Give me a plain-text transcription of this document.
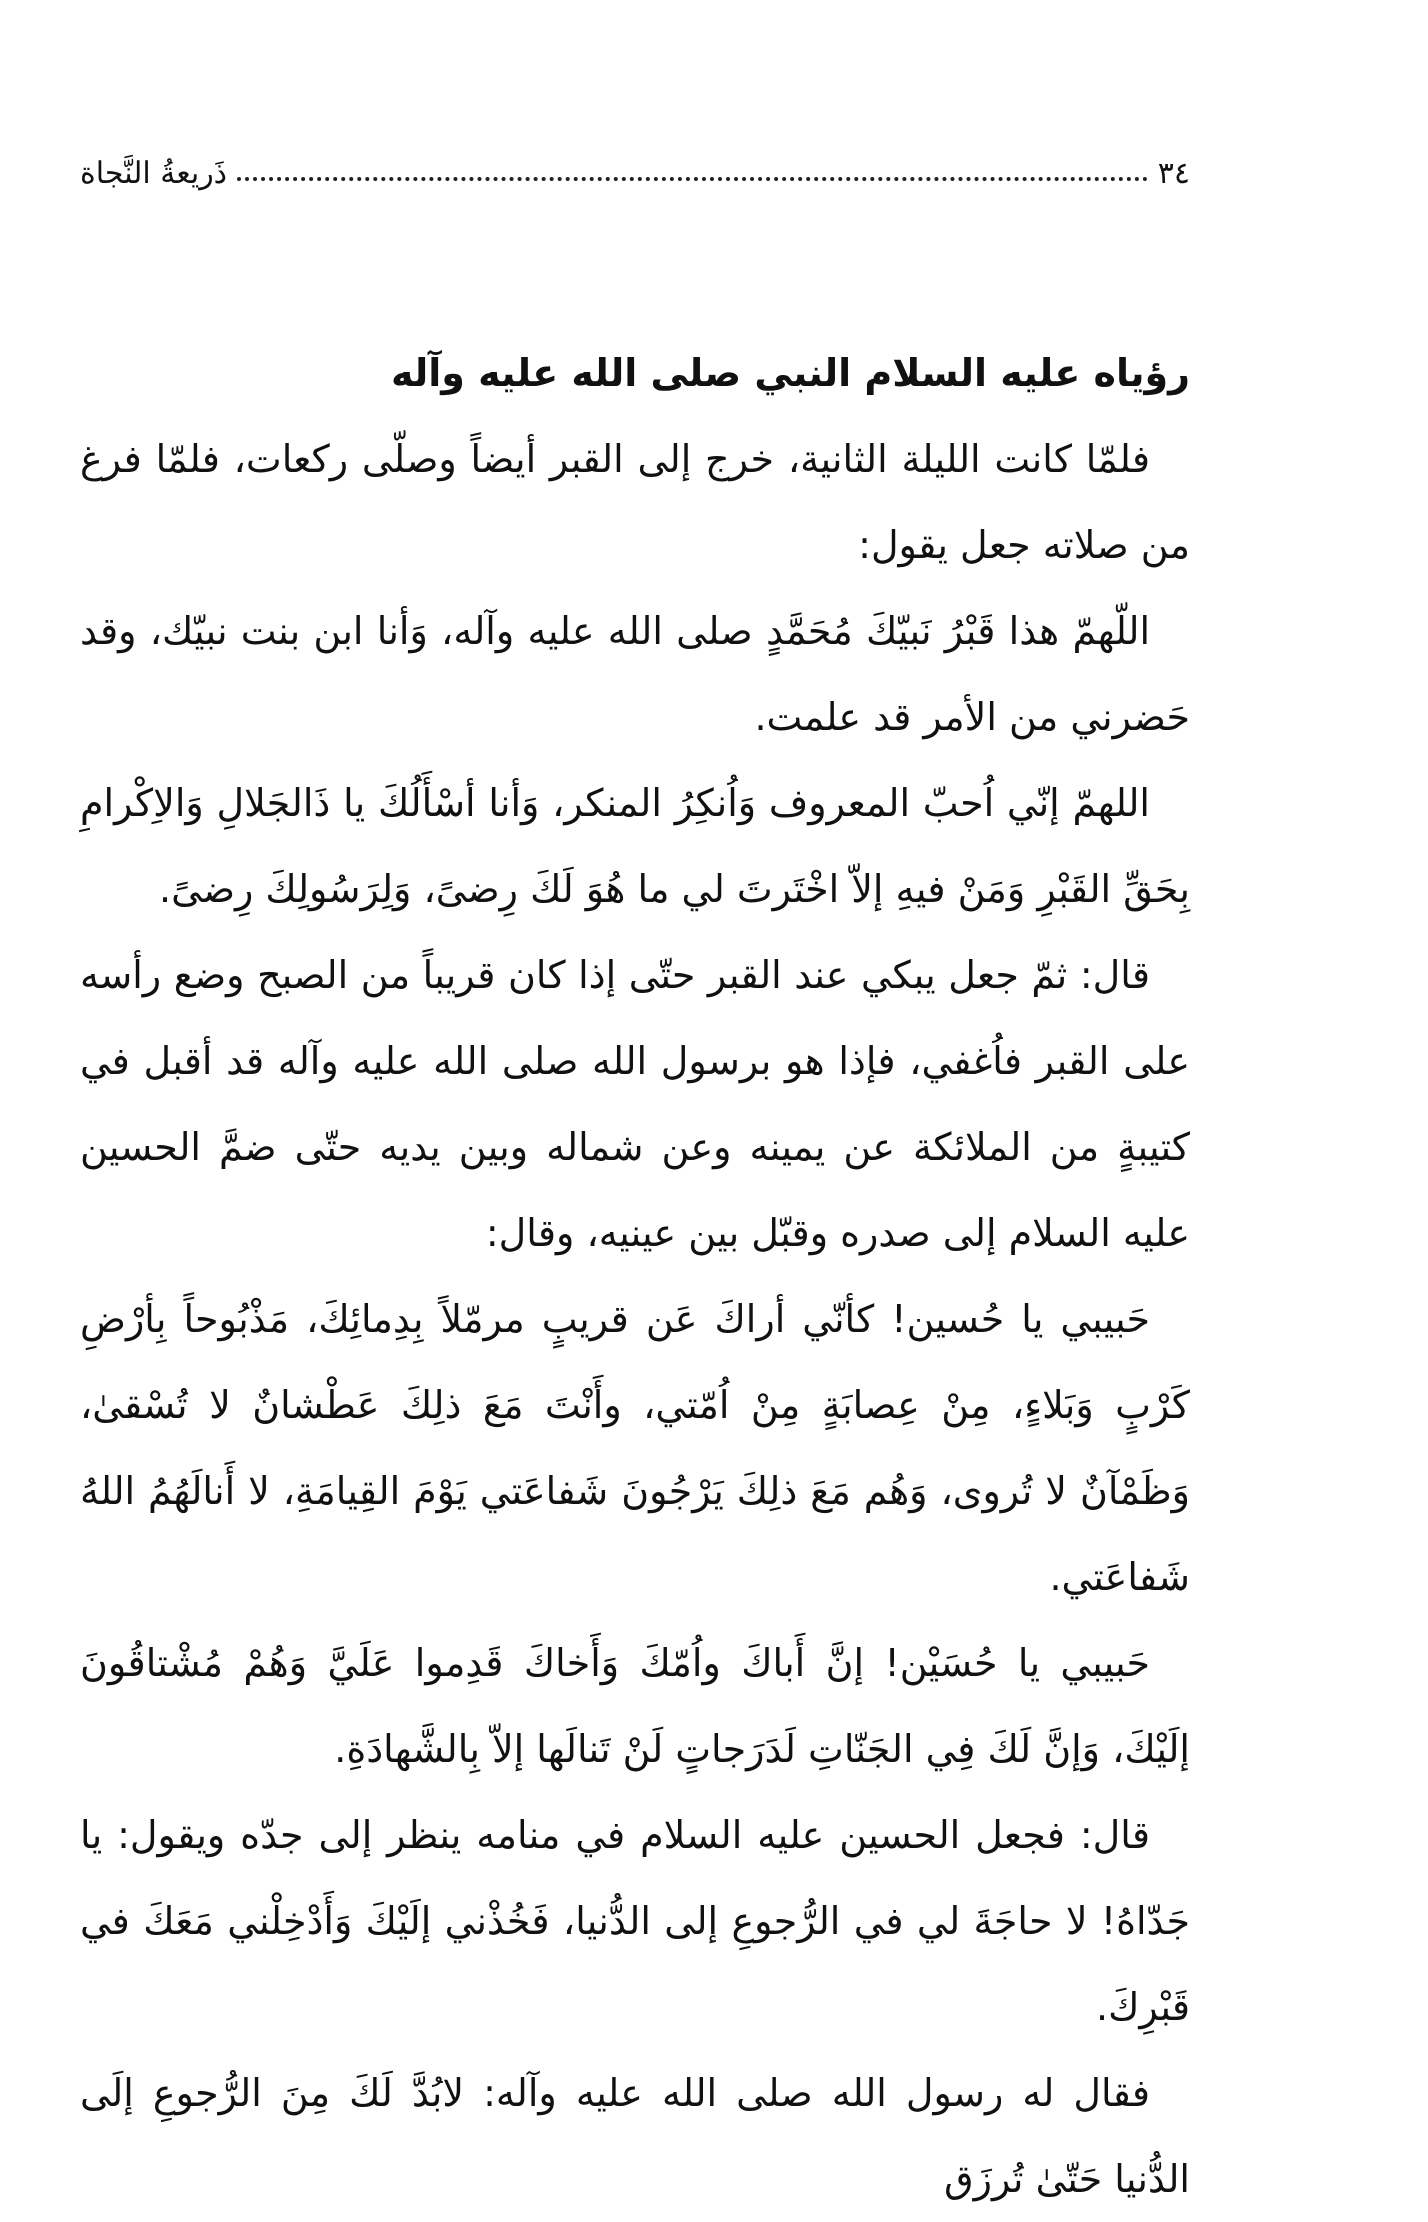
٣٤
ذَريعةُ النَّجاة

رؤياه عليه السلام النبي صلى الله عليه وآله

فلمّا كانت الليلة الثانية، خرج إلى القبر أيضاً وصلّى ركعات، فلمّا فرغ من صلاته جعل يقول:

اللّهمّ هذا قَبْرُ نَبيّكَ مُحَمَّدٍ صلى الله عليه وآله، وَأنا ابن بنت نبيّك، وقد حَضرني من الأمر قد علمت.

اللهمّ إنّي اُحبّ المعروف وَاُنكِرُ المنكر، وَأنا أسْأَلُكَ يا ذَالجَلالِ وَالاِكْرامِ بِحَقِّ القَبْرِ وَمَنْ فيهِ إلاّ اخْتَرتَ لي ما هُوَ لَكَ رِضىً، وَلِرَسُولِكَ رِضىً.

قال: ثمّ جعل يبكي عند القبر حتّى إذا كان قريباً من الصبح وضع رأسه على القبر فاُغفي، فإذا هو برسول الله صلى الله عليه وآله قد أقبل في كتيبةٍ من الملائكة عن يمينه وعن شماله وبين يديه حتّى ضمَّ الحسين عليه السلام إلى صدره وقبّل بين عينيه، وقال:

حَبيبي يا حُسين! كأنّي أراكَ عَن قريبٍ مرمّلاً بِدِمائِكَ، مَذْبُوحاً بِأرْضِ كَرْبٍ وَبَلاءٍ، مِنْ عِصابَةٍ مِنْ اُمّتي، وأَنْتَ مَعَ ذلِكَ عَطْشانٌ لا تُسْقىٰ، وَظَمْآنٌ لا تُروى، وَهُم مَعَ ذلِكَ يَرْجُونَ شَفاعَتي يَوْمَ القِيامَةِ، لا أَنالَهُمُ اللهُ شَفاعَتي.

حَبيبي يا حُسَيْن! إنَّ أَباكَ واُمّكَ وَأَخاكَ قَدِموا عَلَيَّ وَهُمْ مُشْتاقُونَ إلَيْكَ، وَإنَّ لَكَ فِي الجَنّاتِ لَدَرَجاتٍ لَنْ تَنالَها إلاّ بِالشَّهادَةِ.

قال: فجعل الحسين عليه السلام في منامه ينظر إلى جدّه ويقول: يا جَدّاهُ! لا حاجَةَ لي في الرُّجوعِ إلى الدُّنيا، فَخُذْني إلَيْكَ وَأَدْخِلْني مَعَكَ في قَبْرِكَ.

فقال له رسول الله صلى الله عليه وآله: لابُدَّ لَكَ مِنَ الرُّجوعِ إلَى الدُّنيا حَتّىٰ تُرزَق
